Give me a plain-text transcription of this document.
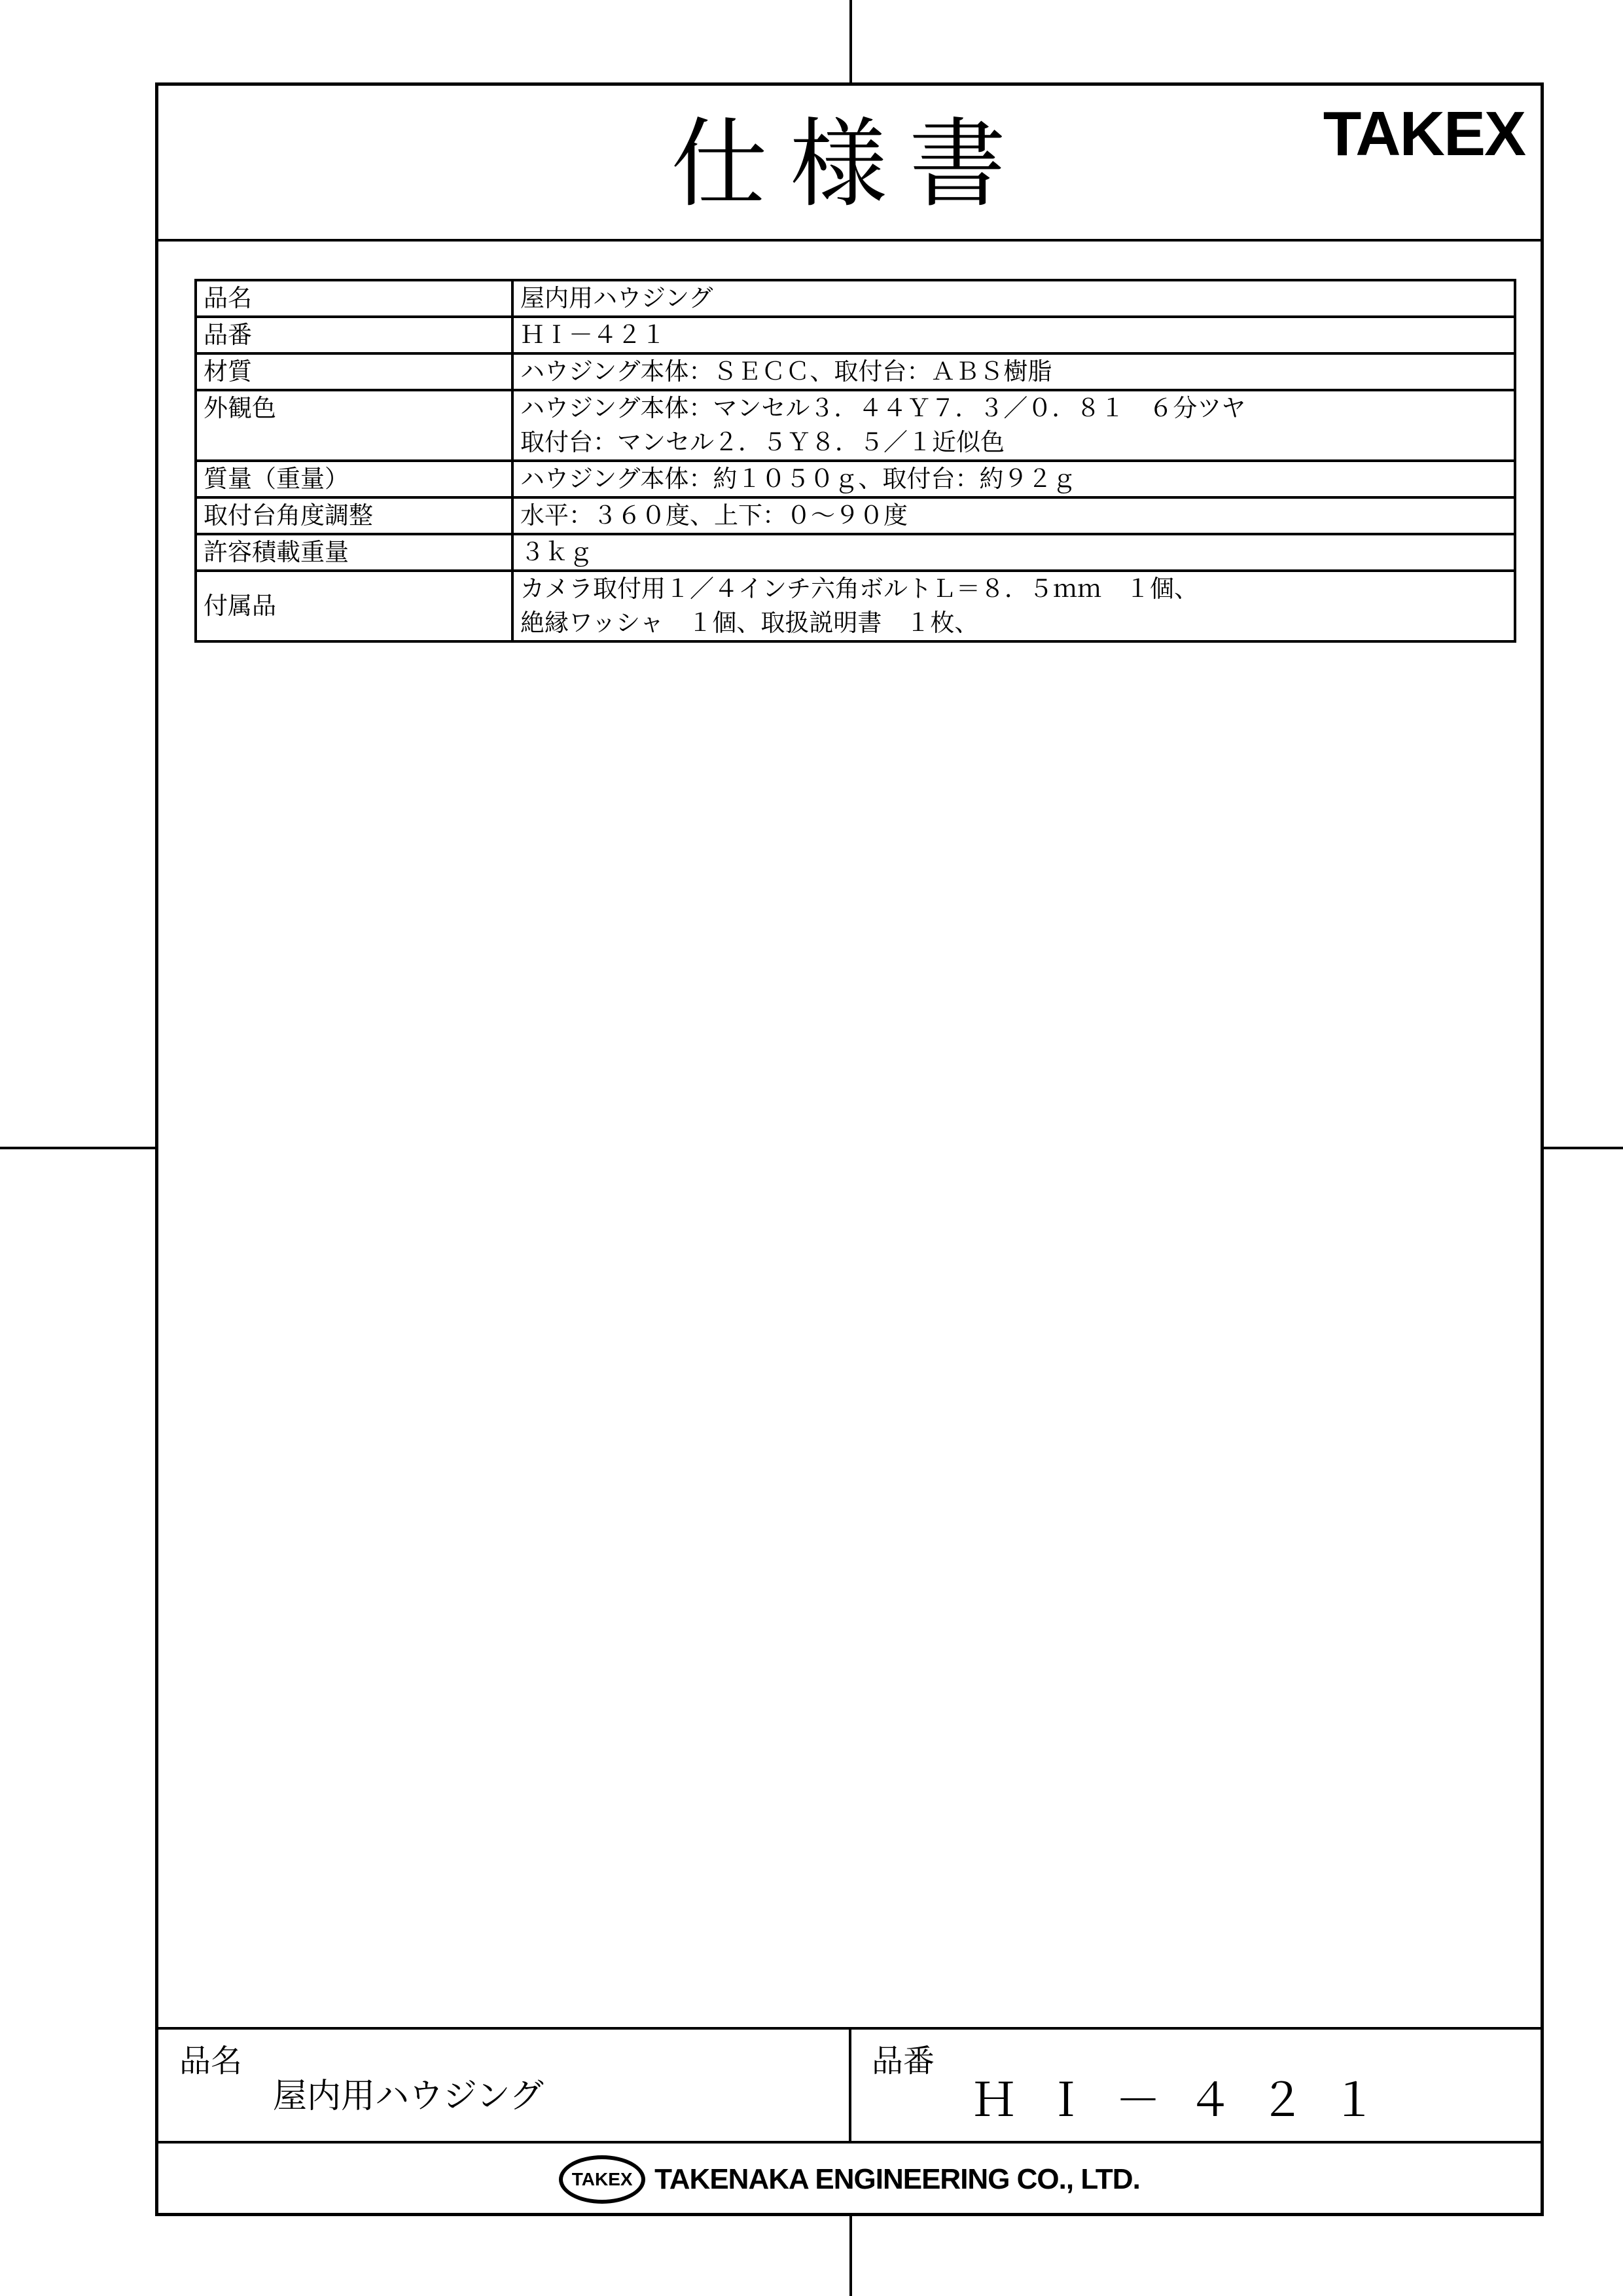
仕様書	TAKEX
品名	屋内用ハウジング

品番	ＨＩ－４２１

材質	ハウジング本体：ＳＥＣＣ、取付台：ＡＢＳ樹脂

外観色	ハウジング本体：マンセル３．４４Ｙ７．３／０．８１　６分ツヤ
取付台：マンセル２．５Ｙ８．５／１近似色

質量（重量）	ハウジング本体：約１０５０ｇ、取付台：約９２ｇ

取付台角度調整	水平：３６０度、上下：０～９０度

許容積載重量	３ｋｇ

付属品	カメラ取付用１／４インチ六角ボルトＬ＝８．５ｍｍ　１個、
絶縁ワッシャ　１個、取扱説明書　１枚、
品名
屋内用ハウジング
品番
ＨＩ－４２１
TAKEX TAKENAKA ENGINEERING CO., LTD.
